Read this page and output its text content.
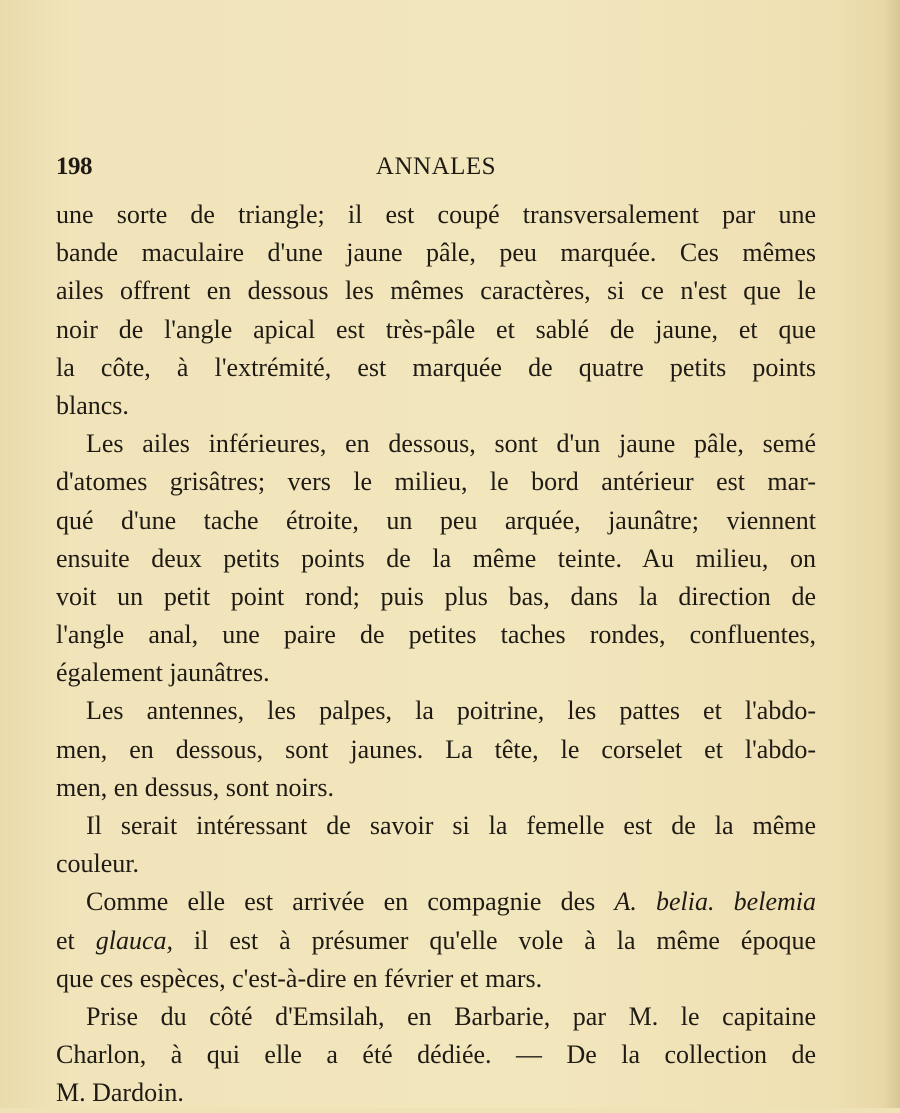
198	ANNALES
une sorte de triangle; il est coupé transversalement par une
bande maculaire d'une jaune pâle, peu marquée. Ces mêmes
ailes offrent en dessous les mêmes caractères, si ce n'est que le
noir de l'angle apical est très-pâle et sablé de jaune, et que
la côte, à l'extrémité, est marquée de quatre petits points
blancs.
Les ailes inférieures, en dessous, sont d'un jaune pâle, semé
d'atomes grisâtres; vers le milieu, le bord antérieur est mar-
qué d'une tache étroite, un peu arquée, jaunâtre; viennent
ensuite deux petits points de la même teinte. Au milieu, on
voit un petit point rond; puis plus bas, dans la direction de
l'angle anal, une paire de petites taches rondes, confluentes,
également jaunâtres.
Les antennes, les palpes, la poitrine, les pattes et l'abdo-
men, en dessous, sont jaunes. La tête, le corselet et l'abdo-
men, en dessus, sont noirs.
Il serait intéressant de savoir si la femelle est de la même
couleur.
Comme elle est arrivée en compagnie des A. belia. belemia
et glauca, il est à présumer qu'elle vole à la même époque
que ces espèces, c'est-à-dire en février et mars.
Prise du côté d'Emsilah, en Barbarie, par M. le capitaine
Charlon, à qui elle a été dédiée. — De la collection de
M. Dardoin.
